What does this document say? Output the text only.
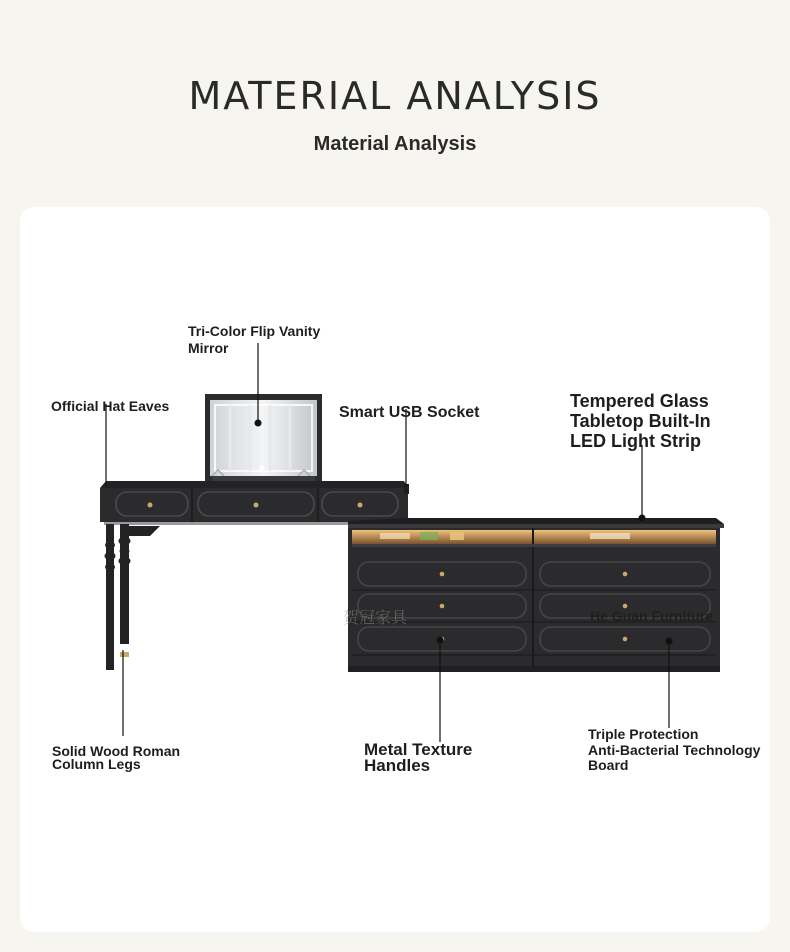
MATERIAL ANALYSIS
Material Analysis
贺冠家具
Tri-Color Flip Vanity
Mirror
Official Hat Eaves	Smart USB Socket
Tempered Glass
Tabletop Built-In
LED Light Strip
He Guan Furniture
Solid Wood Roman
Column Legs
Metal Texture
Handles
Triple Protection
Anti-Bacterial Technology
Board
